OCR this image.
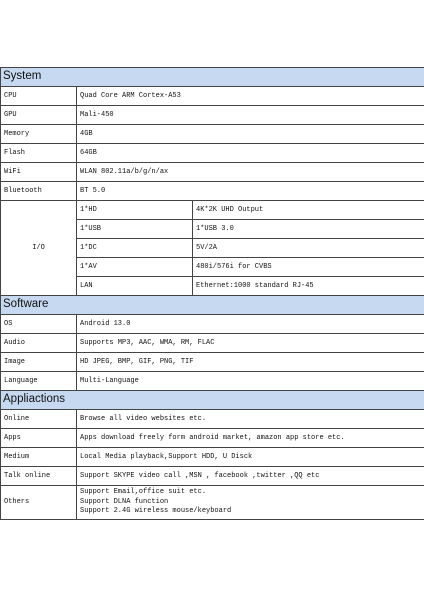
System		
CPU	Quad Core ARM Cortex-A53	
GPU	Mali-450	
Memory	4GB	
Flash	64GB	
WiFi	WLAN 802.11a/b/g/n/ax	
Bluetooth	BT 5.0	
I/O	1*HD	4K*2K UHD Output
	1*USB	1*USB 3.0
	1*DC	5V/2A
	1*AV	480i/576i for CVBS
	LAN	Ethernet:1000 standard RJ-45
Software		
OS	Android 13.0	
Audio	Supports MP3, AAC, WMA, RM, FLAC	
Image	HD JPEG, BMP, GIF, PNG, TIF	
Language	Multi-Language	
Appliactions		
Online	Browse all video websites etc.	
Apps	Apps download freely form android market, amazon app store etc.	
Medium	Local Media playback,Support HDD, U Disck	
Talk online	Support SKYPE video call ,MSN , facebook ,twitter ,QQ etc	
Others	Support Email,office suit etc.
Support DLNA function
Support 2.4G wireless mouse/keyboard	
